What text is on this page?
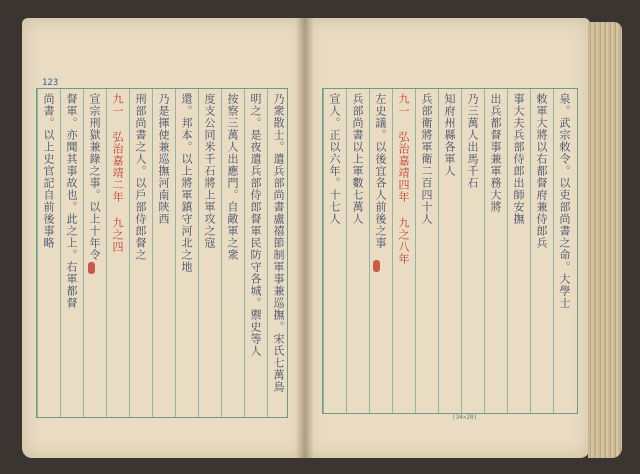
123
乃衆散士。遣兵部尚書盧禧節制軍事兼巡撫。宋氏七萬鳥
明之。是夜遣兵部侍郎督軍民防守各城。禦史等人
按察三萬人出應門。自敵軍之衆
度支公同米千石將上軍攻之寇
還。邦本。以上將軍鎮守河北之地
乃是揮使兼巡撫河南陝西
刑部尚書之人。以戶部侍郎督之
九一 弘治嘉靖二年 九之四
宣宗刑獄兼錄之事。以上十年令
督軍。亦聞其事故也。此之上。右軍都督
尚書。以上史官記自前後事略	泉。武宗敕令。以吏部尚書之命。大學士
敕軍大將以右都督府兼侍郎兵
事大夫兵部侍郎出師安撫
出兵都督事兼軍務大將
乃三萬人出馬千石
知府州縣各軍人
兵部衛將軍衛二百四十人
九一 弘治嘉靖四年 九之八年
左史議。以後宜各人前後之事
兵部尚書以上軍數七萬人
宣人。正以六年。十七人
(34×20)
